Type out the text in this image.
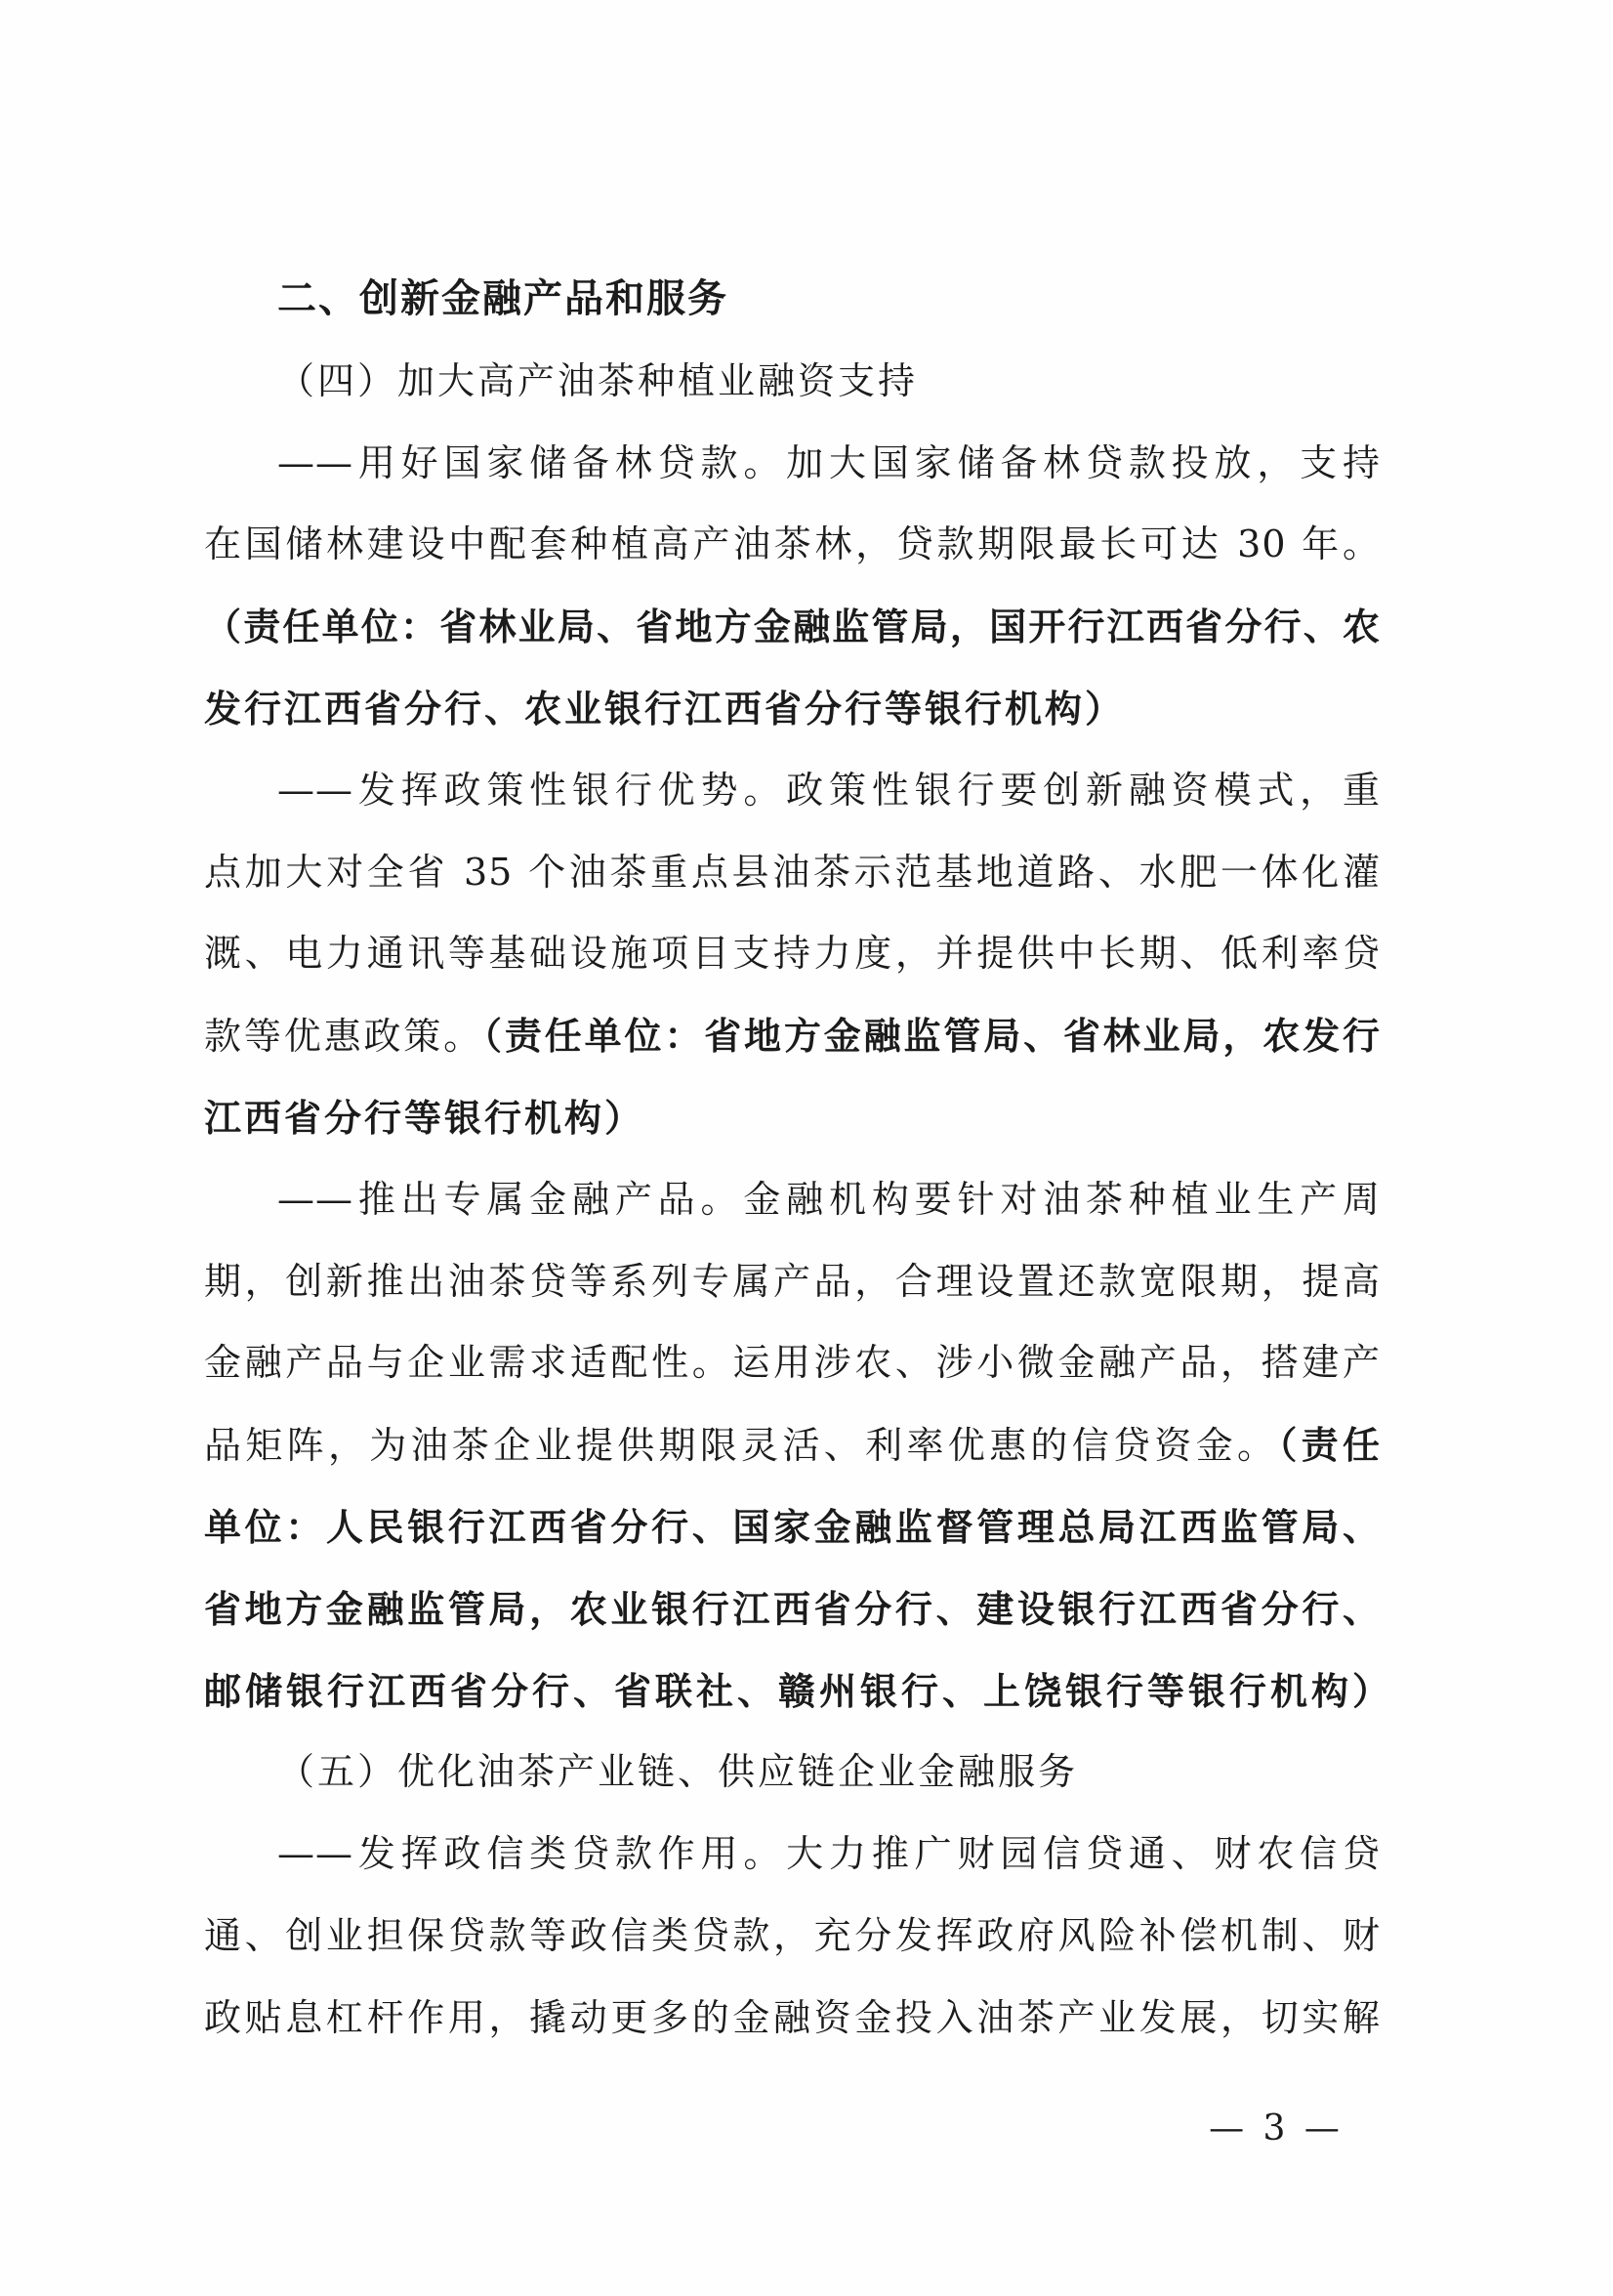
二、创新金融产品和服务
（四）加大高产油茶种植业融资支持
——用好国家储备林贷款。加大国家储备林贷款投放，支持
在国储林建设中配套种植高产油茶林，贷款期限最长可达 30 年。
（责任单位：省林业局、省地方金融监管局，国开行江西省分行、农
发行江西省分行、农业银行江西省分行等银行机构）
——发挥政策性银行优势。政策性银行要创新融资模式，重
点加大对全省 35 个油茶重点县油茶示范基地道路、水肥一体化灌
溉、电力通讯等基础设施项目支持力度，并提供中长期、低利率贷
款等优惠政策。（责任单位：省地方金融监管局、省林业局，农发行
江西省分行等银行机构）
——推出专属金融产品。金融机构要针对油茶种植业生产周
期，创新推出油茶贷等系列专属产品，合理设置还款宽限期，提高
金融产品与企业需求适配性。运用涉农、涉小微金融产品，搭建产
品矩阵，为油茶企业提供期限灵活、利率优惠的信贷资金。（责任
单位：人民银行江西省分行、国家金融监督管理总局江西监管局、
省地方金融监管局，农业银行江西省分行、建设银行江西省分行、
邮储银行江西省分行、省联社、赣州银行、上饶银行等银行机构）
（五）优化油茶产业链、供应链企业金融服务
——发挥政信类贷款作用。大力推广财园信贷通、财农信贷
通、创业担保贷款等政信类贷款，充分发挥政府风险补偿机制、财
政贴息杠杆作用，撬动更多的金融资金投入油茶产业发展，切实解
— 3 —
